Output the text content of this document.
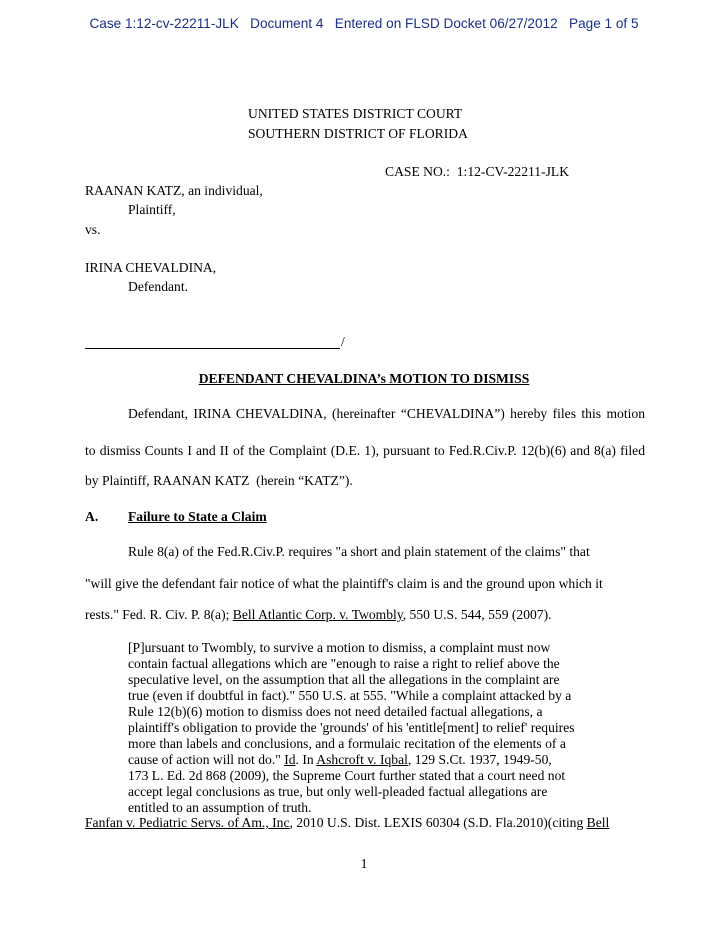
Case 1:12-cv-22211-JLK   Document 4   Entered on FLSD Docket 06/27/2012   Page 1 of 5
UNITED STATES DISTRICT COURT
SOUTHERN DISTRICT OF FLORIDA
CASE NO.:  1:12-CV-22211-JLK
RAANAN KATZ, an individual,
Plaintiff,
vs.
IRINA CHEVALDINA,
Defendant.
/
DEFENDANT CHEVALDINA’s MOTION TO DISMISS
Defendant, IRINA CHEVALDINA, (hereinafter “CHEVALDINA”) hereby files this motion
to dismiss Counts I and II of the Complaint (D.E. 1), pursuant to Fed.R.Civ.P. 12(b)(6) and 8(a) filed
by Plaintiff, RAANAN KATZ  (herein “KATZ”).
A. Failure to State a Claim
Rule 8(a) of the Fed.R.Civ.P. requires "a short and plain statement of the claims" that
"will give the defendant fair notice of what the plaintiff's claim is and the ground upon which it
rests." Fed. R. Civ. P. 8(a); Bell Atlantic Corp. v. Twombly, 550 U.S. 544, 559 (2007).
[P]ursuant to Twombly, to survive a motion to dismiss, a complaint must now
contain factual allegations which are "enough to raise a right to relief above the
speculative level, on the assumption that all the allegations in the complaint are
true (even if doubtful in fact)." 550 U.S. at 555. "While a complaint attacked by a
Rule 12(b)(6) motion to dismiss does not need detailed factual allegations, a
plaintiff's obligation to provide the 'grounds' of his 'entitle[ment] to relief' requires
more than labels and conclusions, and a formulaic recitation of the elements of a
cause of action will not do." Id. In Ashcroft v. Iqbal, 129 S.Ct. 1937, 1949-50,
173 L. Ed. 2d 868 (2009), the Supreme Court further stated that a court need not
accept legal conclusions as true, but only well-pleaded factual allegations are
entitled to an assumption of truth.
Fanfan v. Pediatric Servs. of Am., Inc, 2010 U.S. Dist. LEXIS 60304 (S.D. Fla.2010)(citing Bell
1
